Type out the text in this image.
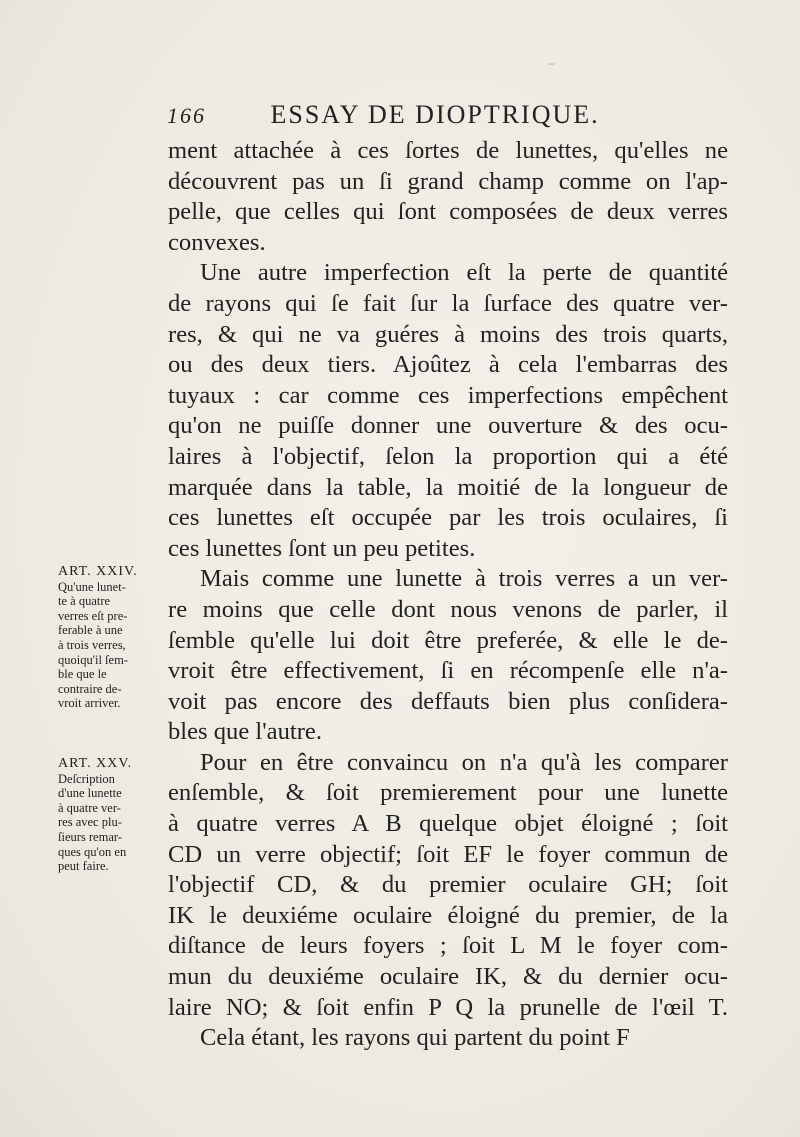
166 ESSAY DE DIOPTRIQUE.
ment attachée à ces ſortes de lunettes, qu'elles ne
découvrent pas un ſi grand champ comme on l'ap-
pelle, que celles qui ſont composées de deux verres
convexes.
Une autre imperfection eſt la perte de quantité
de rayons qui ſe fait ſur la ſurface des quatre ver-
res, & qui ne va guéres à moins des trois quarts,
ou des deux tiers. Ajoûtez à cela l'embarras des
tuyaux : car comme ces imperfections empêchent
qu'on ne puiſſe donner une ouverture & des ocu-
laires à l'objectif, ſelon la proportion qui a été
marquée dans la table, la moitié de la longueur de
ces lunettes eſt occupée par les trois oculaires, ſi
ces lunettes ſont un peu petites.
Mais comme une lunette à trois verres a un ver-
re moins que celle dont nous venons de parler, il
ſemble qu'elle lui doit être preferée, & elle le de-
vroit être effectivement, ſi en récompenſe elle n'a-
voit pas encore des deffauts bien plus conſidera-
bles que l'autre.
Pour en être convaincu on n'a qu'à les comparer
enſemble, & ſoit premierement pour une lunette
à quatre verres A B quelque objet éloigné ; ſoit
CD un verre objectif; ſoit EF le foyer commun de
l'objectif CD, & du premier oculaire GH; ſoit
IK le deuxiéme oculaire éloigné du premier, de la
diſtance de leurs foyers ; ſoit L M le foyer com-
mun du deuxiéme oculaire IK, & du dernier ocu-
laire NO; & ſoit enfin P Q la prunelle de l'œil T.
Cela étant, les rayons qui partent du point F
ART. XXIV.
Qu'une lunet-
te à quatre
verres eſt pre-
ferable à une
à trois verres,
quoiqu'il ſem-
ble que le
contraire de-
vroit arriver.
ART. XXV.
Deſcription
d'une lunette
à quatre ver-
res avec plu-
ſieurs remar-
ques qu'on en
peut faire.
–
